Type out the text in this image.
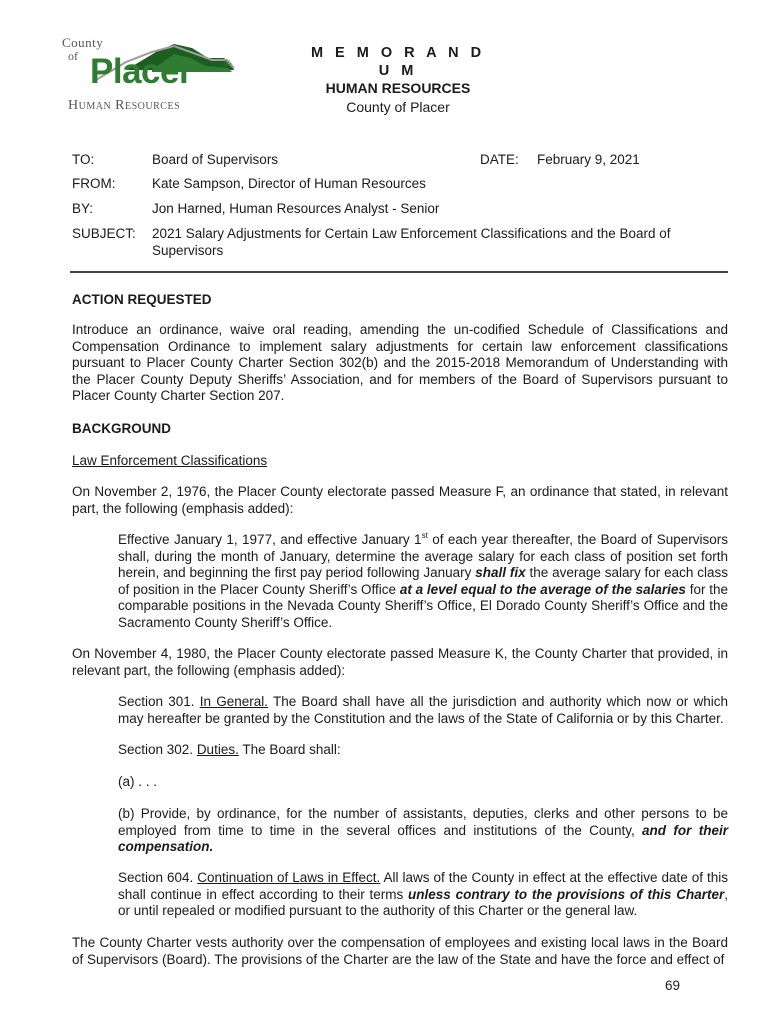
County
of Placer	®
Human Resources
M E M O R A N D U M
HUMAN RESOURCES
County of Placer
TO:	Board of Supervisors	DATE: February 9, 2021
FROM:	Kate Sampson, Director of Human Resources
BY:	Jon Harned, Human Resources Analyst - Senior
SUBJECT: 2021 Salary Adjustments for Certain Law Enforcement Classifications and the Board of
Supervisors
ACTION REQUESTED
Introduce an ordinance, waive oral reading, amending the un-codified Schedule of Classifications and Compensation Ordinance to implement salary adjustments for certain law enforcement classifications pursuant to Placer County Charter Section 302(b) and the 2015-2018 Memorandum of Understanding with the Placer County Deputy Sheriffs’ Association, and for members of the Board of Supervisors pursuant to Placer County Charter Section 207.
BACKGROUND
Law Enforcement Classifications
On November 2, 1976, the Placer County electorate passed Measure F, an ordinance that stated, in relevant part, the following (emphasis added):
Effective January 1, 1977, and effective January 1st of each year thereafter, the Board of Supervisors shall, during the month of January, determine the average salary for each class of position set forth herein, and beginning the first pay period following January shall fix the average salary for each class of position in the Placer County Sheriff’s Office at a level equal to the average of the salaries for the comparable positions in the Nevada County Sheriff’s Office, El Dorado County Sheriff’s Office and the Sacramento County Sheriff’s Office.
On November 4, 1980, the Placer County electorate passed Measure K, the County Charter that provided, in relevant part, the following (emphasis added):
Section 301. In General. The Board shall have all the jurisdiction and authority which now or which may hereafter be granted by the Constitution and the laws of the State of California or by this Charter.
Section 302. Duties. The Board shall:
(a) . . .
(b) Provide, by ordinance, for the number of assistants, deputies, clerks and other persons to be employed from time to time in the several offices and institutions of the County, and for their compensation.
Section 604. Continuation of Laws in Effect. All laws of the County in effect at the effective date of this shall continue in effect according to their terms unless contrary to the provisions of this Charter, or until repealed or modified pursuant to the authority of this Charter or the general law.
The County Charter vests authority over the compensation of employees and existing local laws in the Board of Supervisors (Board). The provisions of the Charter are the law of the State and have the force and effect of
69
